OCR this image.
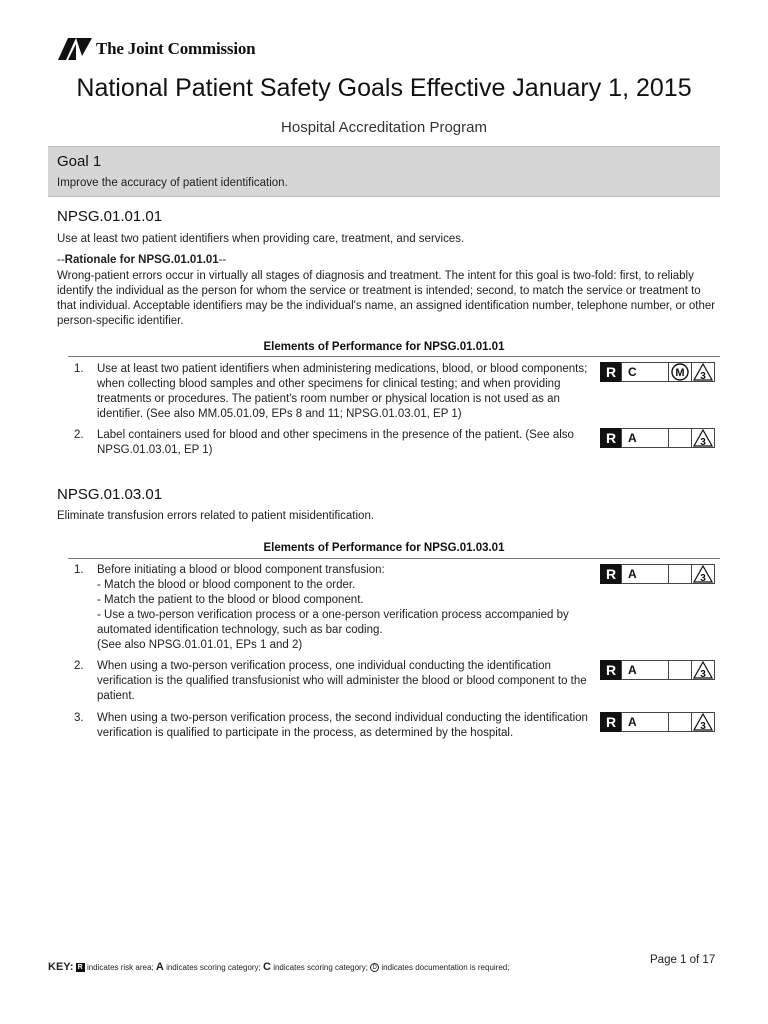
The Joint Commission
National Patient Safety Goals Effective January 1, 2015
Hospital Accreditation Program
Goal 1
Improve the accuracy of patient identification.
NPSG.01.01.01
Use at least two patient identifiers when providing care, treatment, and services.
--Rationale for NPSG.01.01.01--
Wrong-patient errors occur in virtually all stages of diagnosis and treatment. The intent for this goal is two-fold: first, to reliably identify the individual as the person for whom the service or treatment is intended; second, to match the service or treatment to that individual. Acceptable identifiers may be the individual's name, an assigned identification number, telephone number, or other person-specific identifier.
Elements of Performance for NPSG.01.01.01
1.	Use at least two patient identifiers when administering medications, blood, or blood components; when collecting blood samples and other specimens for clinical testing; and when providing treatments or procedures. The patient's room number or physical location is not used as an identifier. (See also MM.05.01.09, EPs 8 and 11; NPSG.01.03.01, EP 1)
R C	M 3
2.	Label containers used for blood and other specimens in the presence of the patient. (See also NPSG.01.03.01, EP 1)
R A	3
NPSG.01.03.01
Eliminate transfusion errors related to patient misidentification.
Elements of Performance for NPSG.01.03.01
1.	Before initiating a blood or blood component transfusion:
- Match the blood or blood component to the order.
- Match the patient to the blood or blood component.
- Use a two-person verification process or a one-person verification process accompanied by automated identification technology, such as bar coding.
(See also NPSG.01.01.01, EPs 1 and 2)
R A	3
2.	When using a two-person verification process, one individual conducting the identification verification is the qualified transfusionist who will administer the blood or blood component to the patient.
R A	3
3.	When using a two-person verification process, the second individual conducting the identification verification is qualified to participate in the process, as determined by the hospital.
R A	3
KEY: R indicates risk area; A indicates scoring category; C indicates scoring category; D indicates documentation is required;
Page 1 of 17
